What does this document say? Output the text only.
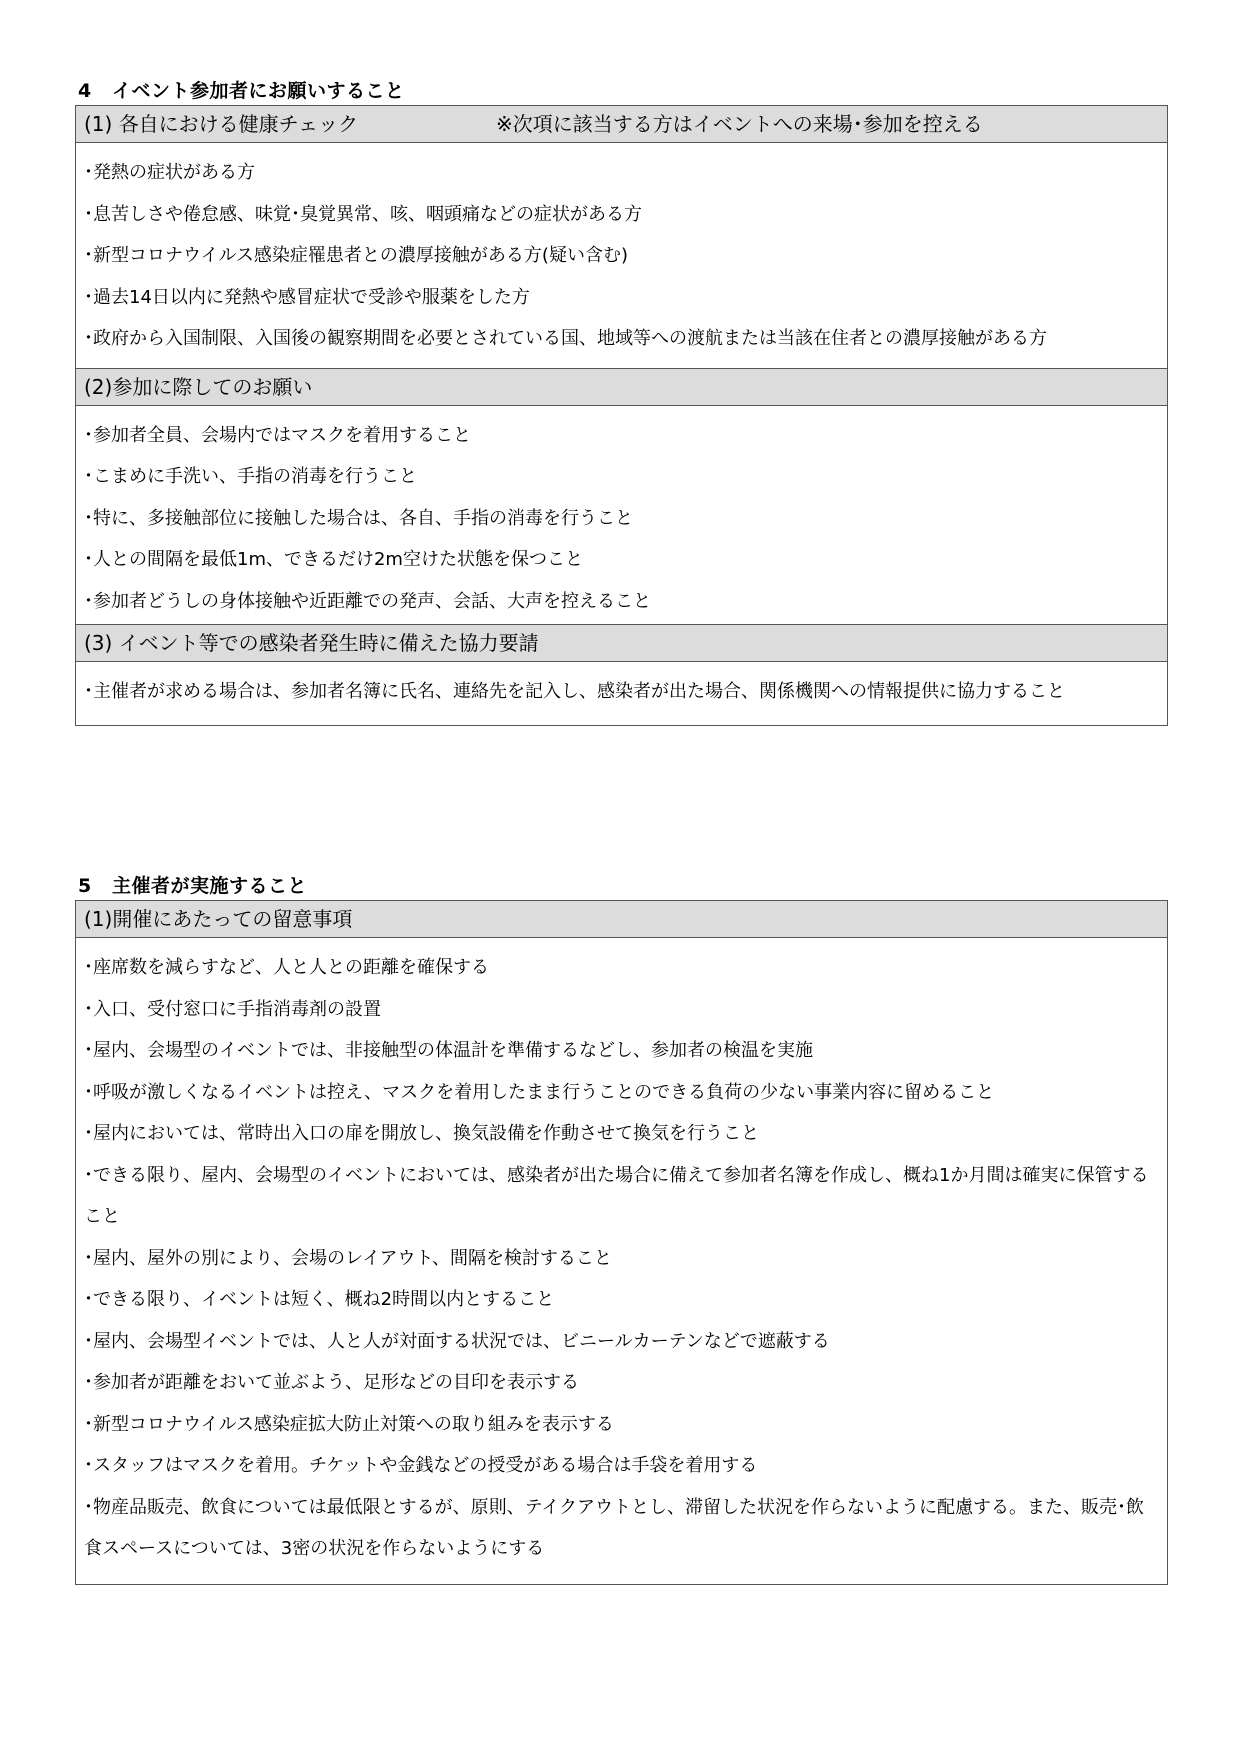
4 イベント参加者にお願いすること
(1) 各自における健康チェック	※次項に該当する方はイベントへの来場･参加を控える

･発熱の症状がある方

･息苦しさや倦怠感、味覚･臭覚異常、咳、咽頭痛などの症状がある方

･新型コロナウイルス感染症罹患者との濃厚接触がある方(疑い含む)

･過去14日以内に発熱や感冒症状で受診や服薬をした方

･政府から入国制限、入国後の観察期間を必要とされている国、地域等への渡航または当該在住者との濃厚接触がある方

(2)参加に際してのお願い

･参加者全員、会場内ではマスクを着用すること

･こまめに手洗い、手指の消毒を行うこと

･特に、多接触部位に接触した場合は、各自、手指の消毒を行うこと

･人との間隔を最低1m、できるだけ2m空けた状態を保つこと

･参加者どうしの身体接触や近距離での発声、会話、大声を控えること

(3) イベント等での感染者発生時に備えた協力要請

･主催者が求める場合は、参加者名簿に氏名、連絡先を記入し、感染者が出た場合、関係機関への情報提供に協力すること

5 主催者が実施すること
(1)開催にあたっての留意事項

･座席数を減らすなど、人と人との距離を確保する

･入口、受付窓口に手指消毒剤の設置

･屋内、会場型のイベントでは、非接触型の体温計を準備するなどし、参加者の検温を実施

･呼吸が激しくなるイベントは控え、マスクを着用したまま行うことのできる負荷の少ない事業内容に留めること

･屋内においては、常時出入口の扉を開放し、換気設備を作動させて換気を行うこと

･できる限り、屋内、会場型のイベントにおいては、感染者が出た場合に備えて参加者名簿を作成し、概ね1か月間は確実に保管すること

･屋内、屋外の別により、会場のレイアウト、間隔を検討すること

･できる限り、イベントは短く、概ね2時間以内とすること

･屋内、会場型イベントでは、人と人が対面する状況では、ビニールカーテンなどで遮蔽する

･参加者が距離をおいて並ぶよう、足形などの目印を表示する

･新型コロナウイルス感染症拡大防止対策への取り組みを表示する

･スタッフはマスクを着用。チケットや金銭などの授受がある場合は手袋を着用する

･物産品販売、飲食については最低限とするが、原則、テイクアウトとし、滞留した状況を作らないように配慮する。また、販売･飲食スペースについては、3密の状況を作らないようにする
